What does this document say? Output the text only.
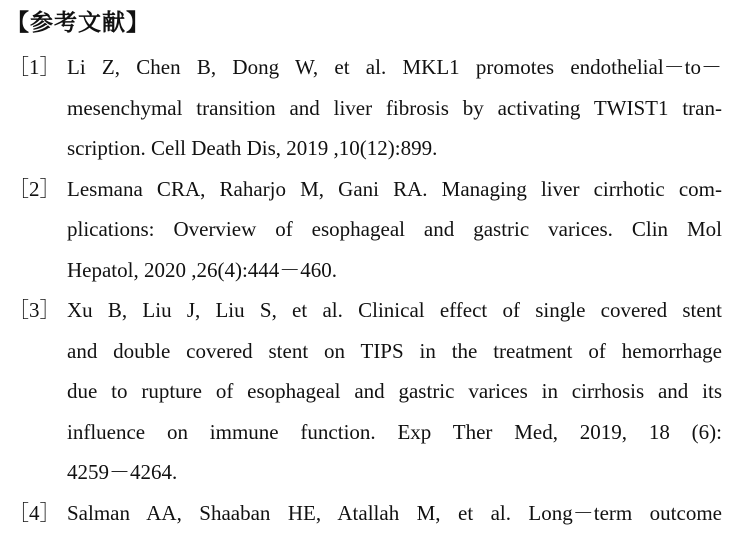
【参考文献】
［1］ Li Z, Chen B, Dong W, et al. MKL1 promotes endothelial－to－
mesenchymal transition and liver fibrosis by activating TWIST1 tran-
scription. Cell Death Dis, 2019 ,10(12):899.
［2］ Lesmana CRA, Raharjo M, Gani RA. Managing liver cirrhotic com-
plications: Overview of esophageal and gastric varices. Clin Mol
Hepatol, 2020 ,26(4):444－460.
［3］ Xu B, Liu J, Liu S, et al. Clinical effect of single covered stent
and double covered stent on TIPS in the treatment of hemorrhage
due to rupture of esophageal and gastric varices in cirrhosis and its
influence on immune function. Exp Ther Med, 2019, 18 (6):
4259－4264.
［4］ Salman AA, Shaaban HE, Atallah M, et al. Long－term outcome
